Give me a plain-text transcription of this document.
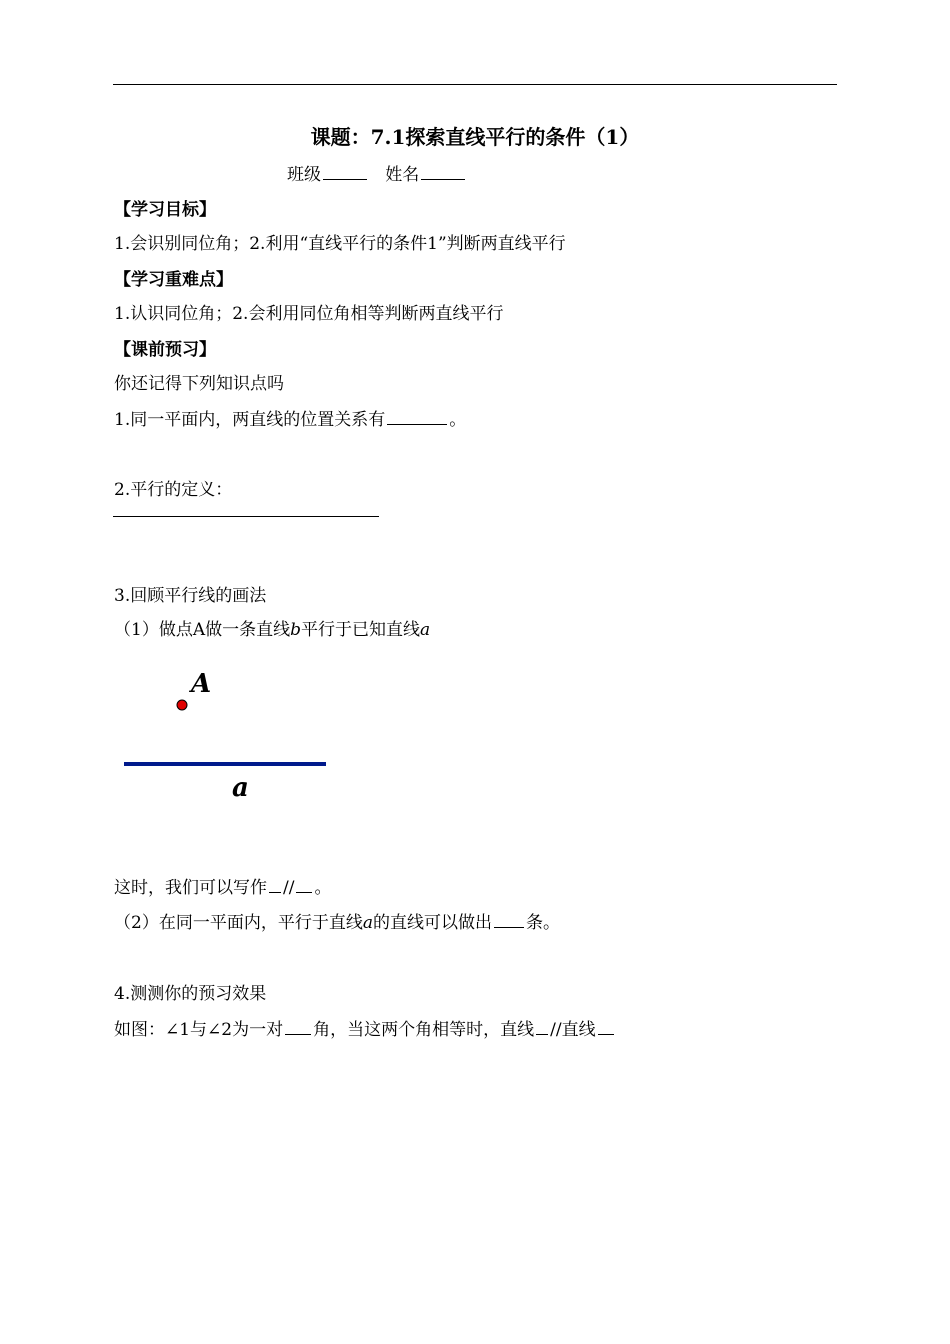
课题：7.1探索直线平行的条件（1）
班级	姓名
【学习目标】
1.会识别同位角；2.利用“直线平行的条件1”判断两直线平行
【学习重难点】
1.认识同位角；2.会利用同位角相等判断两直线平行
【课前预习】
你还记得下列知识点吗
1.同一平面内，两直线的位置关系有	。
2.平行的定义：
3.回顾平行线的画法
（1）做点A做一条直线b平行于已知直线a
A
a
这时，我们可以写作 // 。
（2）在同一平面内，平行于直线a的直线可以做出 条。
4.测测你的预习效果
如图：∠1与∠2为一对 角，当这两个角相等时，直线 //直线
